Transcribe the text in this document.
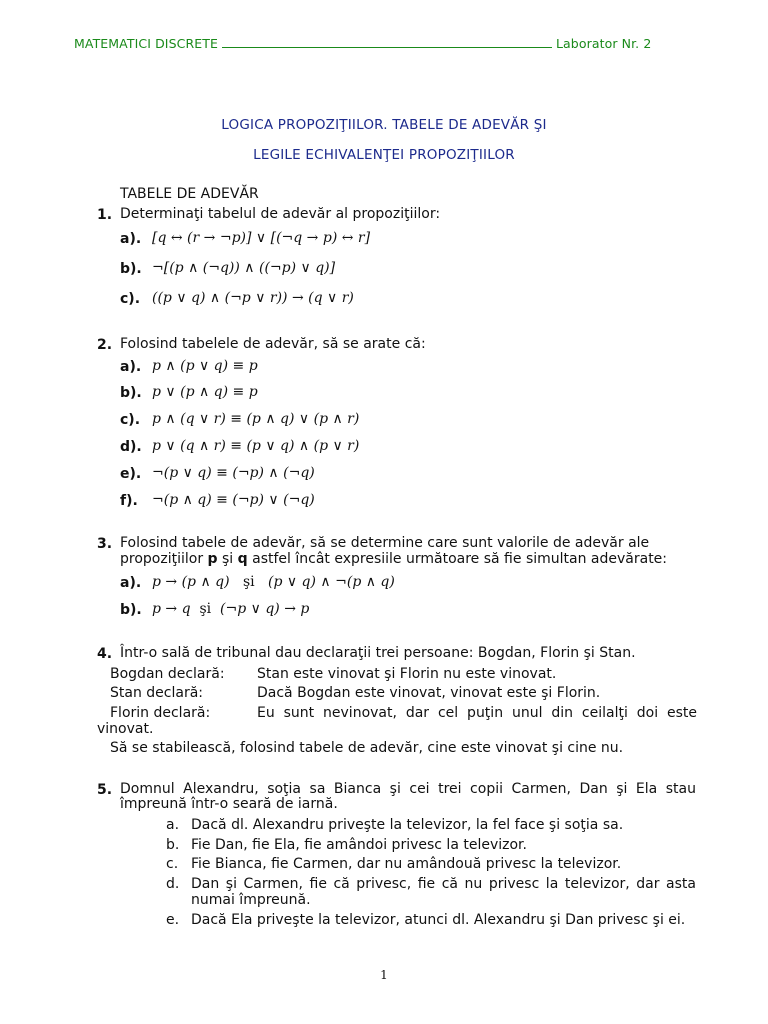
MATEMATICI DISCRETE	Laborator Nr. 2
LOGICA PROPOZIŢIILOR. TABELE DE ADEVĂR ŞI
LEGILE ECHIVALENŢEI PROPOZIŢIILOR
TABELE DE ADEVĂR
1. Determinaţi tabelul de adevăr al propoziţiilor:
a). [q ↔ (r → ¬p)] ∨ [(¬q → p) ↔ r]
b). ¬[(p ∧ (¬q)) ∧ ((¬p) ∨ q)]
c). ((p ∨ q) ∧ (¬p ∨ r)) → (q ∨ r)
2. Folosind tabelele de adevăr, să se arate că:
a). p ∧ (p ∨ q) ≡ p
b). p ∨ (p ∧ q) ≡ p
c). p ∧ (q ∨ r) ≡ (p ∧ q) ∨ (p ∧ r)
d). p ∨ (q ∧ r) ≡ (p ∨ q) ∧ (p ∨ r)
e). ¬(p ∨ q) ≡ (¬p) ∧ (¬q)
f). ¬(p ∧ q) ≡ (¬p) ∨ (¬q)
3. Folosind tabele de adevăr, să se determine care sunt valorile de adevăr ale
propoziţiilor p şi q astfel încât expresiile următoare să fie simultan adevărate:
a). p → (p ∧ q) şi (p ∨ q) ∧ ¬(p ∧ q)
b). p → q şi (¬p ∨ q) → p
4. Într-o sală de tribunal dau declaraţii trei persoane: Bogdan, Florin şi Stan.
Bogdan declară: Stan este vinovat şi Florin nu este vinovat.
Stan declară:	Dacă Bogdan este vinovat, vinovat este şi Florin.
Florin declară:	Eu sunt nevinovat, dar cel puţin unul din ceilalţi doi este
vinovat.
Să se stabilească, folosind tabele de adevăr, cine este vinovat şi cine nu.
5. Domnul Alexandru, soţia sa Bianca şi cei trei copii Carmen, Dan şi Ela stau
împreună într-o seară de iarnă.
a. Dacă dl. Alexandru priveşte la televizor, la fel face şi soţia sa.
b. Fie Dan, fie Ela, fie amândoi privesc la televizor.
c. Fie Bianca, fie Carmen, dar nu amândouă privesc la televizor.
d. Dan şi Carmen, fie că privesc, fie că nu privesc la televizor, dar asta
numai împreună.
e. Dacă Ela priveşte la televizor, atunci dl. Alexandru şi Dan privesc şi ei.
1
